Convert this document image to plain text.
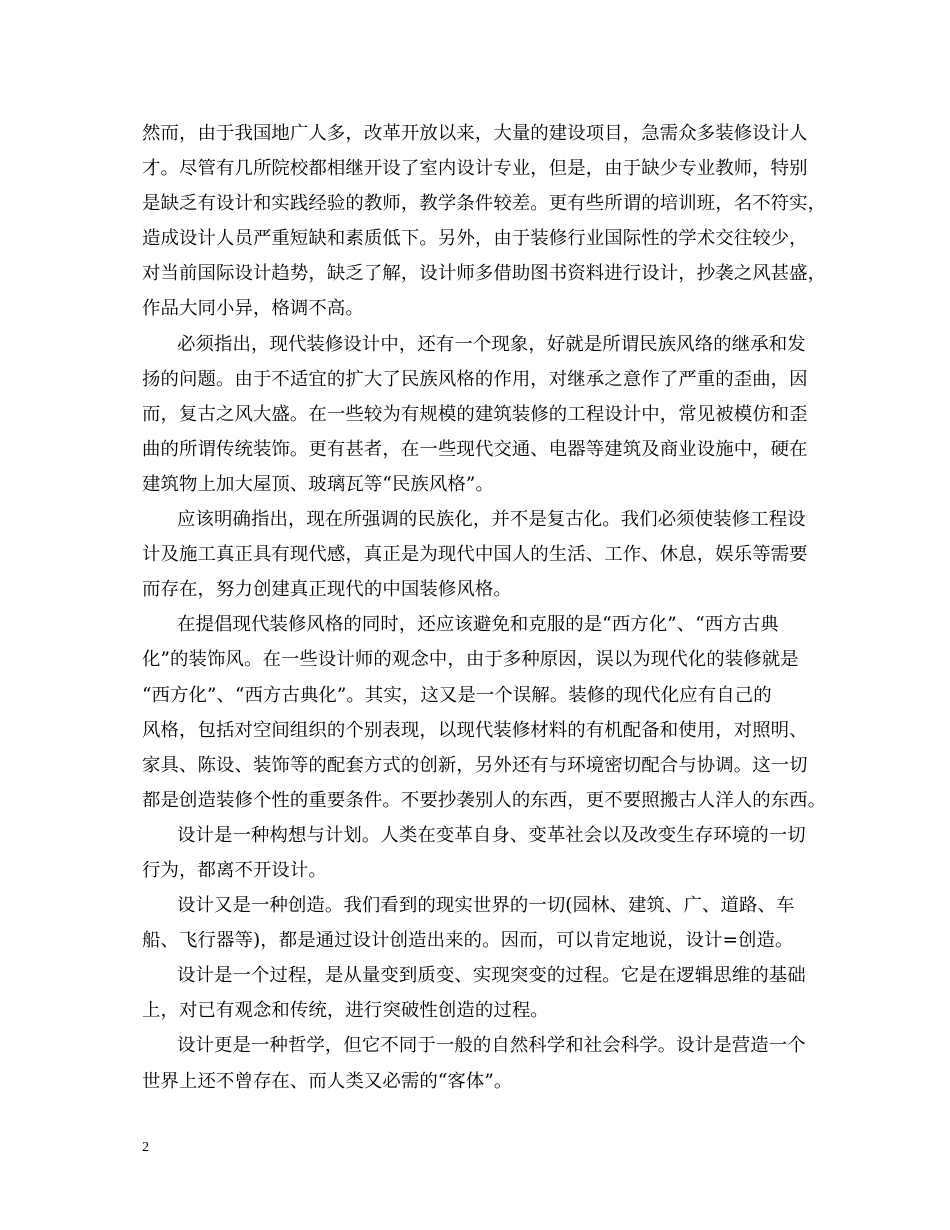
然而，由于我国地广人多，改革开放以来，大量的建设项目，急需众多装修设计人
才。尽管有几所院校都相继开设了室内设计专业，但是，由于缺少专业教师，特别
是缺乏有设计和实践经验的教师，教学条件较差。更有些所谓的培训班，名不符实，
造成设计人员严重短缺和素质低下。另外，由于装修行业国际性的学术交往较少，
对当前国际设计趋势，缺乏了解，设计师多借助图书资料进行设计，抄袭之风甚盛，
作品大同小异，格调不高。
必须指出，现代装修设计中，还有一个现象，好就是所谓民族风络的继承和发
扬的问题。由于不适宜的扩大了民族风格的作用，对继承之意作了严重的歪曲，因
而，复古之风大盛。在一些较为有规模的建筑装修的工程设计中，常见被模仿和歪
曲的所谓传统装饰。更有甚者，在一些现代交通、电器等建筑及商业设施中，硬在
建筑物上加大屋顶、玻璃瓦等“民族风格”。
应该明确指出，现在所强调的民族化，并不是复古化。我们必须使装修工程设
计及施工真正具有现代感，真正是为现代中国人的生活、工作、休息，娱乐等需要
而存在，努力创建真正现代的中国装修风格。
在提倡现代装修风格的同时，还应该避免和克服的是“西方化”、“西方古典
化”的装饰风。在一些设计师的观念中，由于多种原因，误以为现代化的装修就是
“西方化”、“西方古典化”。其实，这又是一个误解。装修的现代化应有自己的
风格，包括对空间组织的个别表现，以现代装修材料的有机配备和使用，对照明、
家具、陈设、装饰等的配套方式的创新，另外还有与环境密切配合与协调。这一切
都是创造装修个性的重要条件。不要抄袭别人的东西，更不要照搬古人洋人的东西。
设计是一种构想与计划。人类在变革自身、变革社会以及改变生存环境的一切
行为，都离不开设计。
设计又是一种创造。我们看到的现实世界的一切(园林、建筑、广、道路、车
船、飞行器等)，都是通过设计创造出来的。因而，可以肯定地说，设计=创造。
设计是一个过程，是从量变到质变、实现突变的过程。它是在逻辑思维的基础
上，对已有观念和传统，进行突破性创造的过程。
设计更是一种哲学，但它不同于一般的自然科学和社会科学。设计是营造一个
世界上还不曾存在、而人类又必需的“客体”。
2
